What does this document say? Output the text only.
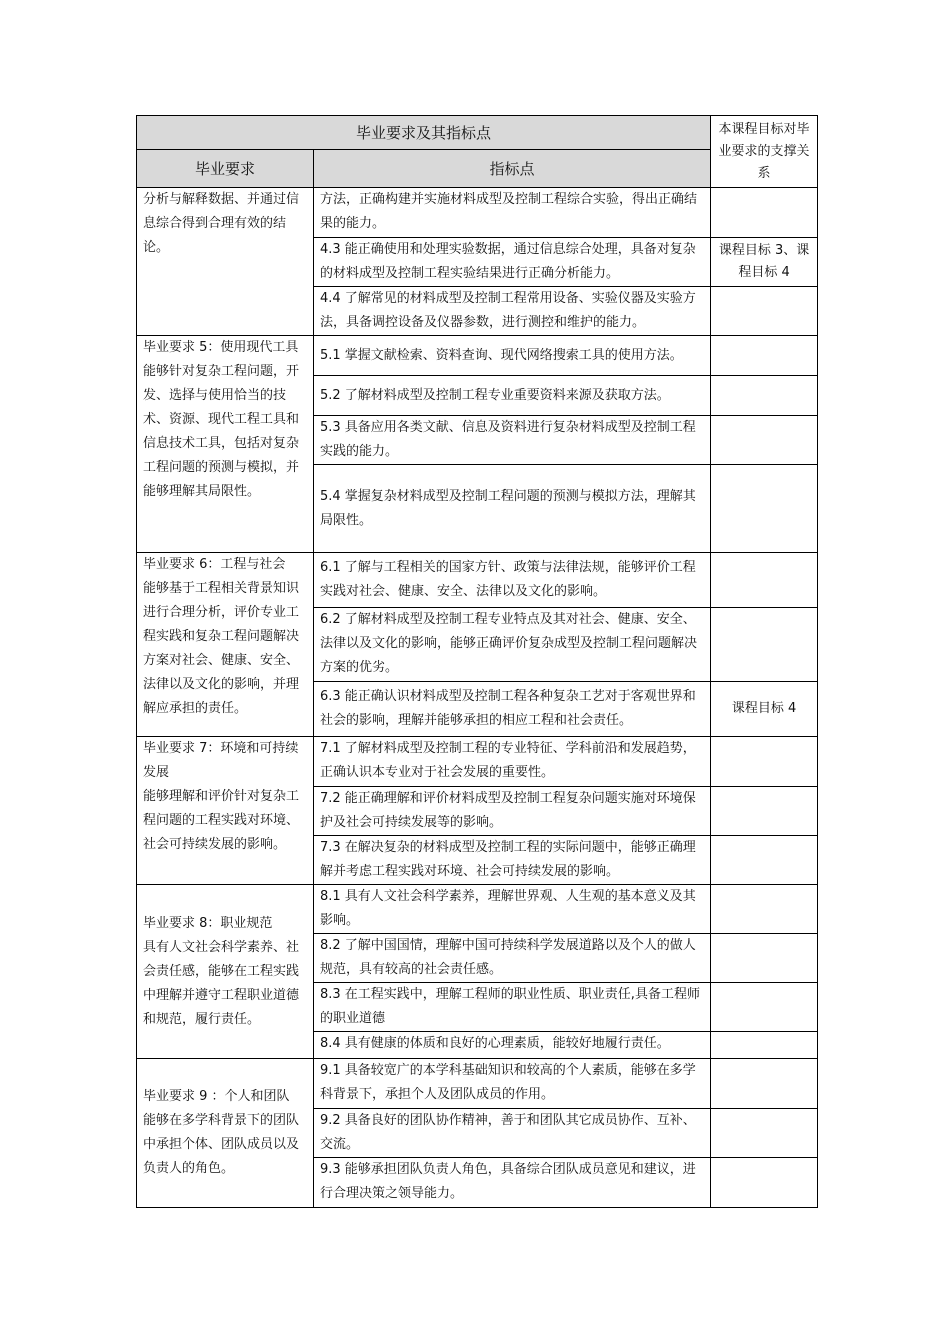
毕业要求及其指标点		本课程目标对毕业要求的支撑关系
毕业要求	指标点	

分析与解释数据、并通过信息综合得到合理有效的结论。	方法，正确构建并实施材料成型及控制工程综合实验，得出正确结果的能力。	
	4.3 能正确使用和处理实验数据，通过信息综合处理，具备对复杂的材料成型及控制工程实验结果进行正确分析能力。	课程目标 3、课程目标 4
	4.4 了解常见的材料成型及控制工程常用设备、实验仪器及实验方法，具备调控设备及仪器参数，进行测控和维护的能力。	

毕业要求 5：使用现代工具
能够针对复杂工程问题，开发、选择与使用恰当的技术、资源、现代工程工具和信息技术工具，包括对复杂工程问题的预测与模拟，并能够理解其局限性。	5.1 掌握文献检索、资料查询、现代网络搜索工具的使用方法。	
	5.2 了解材料成型及控制工程专业重要资料来源及获取方法。	
	5.3 具备应用各类文献、信息及资料进行复杂材料成型及控制工程实践的能力。	
	5.4 掌握复杂材料成型及控制工程问题的预测与模拟方法，理解其局限性。	

毕业要求 6：工程与社会
能够基于工程相关背景知识进行合理分析，评价专业工程实践和复杂工程问题解决方案对社会、健康、安全、法律以及文化的影响，并理解应承担的责任。	6.1 了解与工程相关的国家方针、政策与法律法规，能够评价工程实践对社会、健康、安全、法律以及文化的影响。	
	6.2 了解材料成型及控制工程专业特点及其对社会、健康、安全、法律以及文化的影响，能够正确评价复杂成型及控制工程问题解决方案的优劣。	
	6.3 能正确认识材料成型及控制工程各种复杂工艺对于客观世界和社会的影响，理解并能够承担的相应工程和社会责任。	课程目标 4

毕业要求 7：环境和可持续发展
能够理解和评价针对复杂工程问题的工程实践对环境、社会可持续发展的影响。	7.1 了解材料成型及控制工程的专业特征、学科前沿和发展趋势，正确认识本专业对于社会发展的重要性。	
	7.2 能正确理解和评价材料成型及控制工程复杂问题实施对环境保护及社会可持续发展等的影响。	
	7.3 在解决复杂的材料成型及控制工程的实际问题中，能够正确理解并考虑工程实践对环境、社会可持续发展的影响。	

毕业要求 8：职业规范
具有人文社会科学素养、社会责任感，能够在工程实践中理解并遵守工程职业道德和规范，履行责任。	8.1 具有人文社会科学素养，理解世界观、人生观的基本意义及其影响。	
	8.2 了解中国国情，理解中国可持续科学发展道路以及个人的做人规范，具有较高的社会责任感。	
	8.3 在工程实践中，理解工程师的职业性质、职业责任,具备工程师的职业道德	
	8.4 具有健康的体质和良好的心理素质，能较好地履行责任。	

毕业要求 9 ：个人和团队
能够在多学科背景下的团队中承担个体、团队成员以及负责人的角色。	9.1 具备较宽广的本学科基础知识和较高的个人素质，能够在多学科背景下，承担个人及团队成员的作用。	
	9.2 具备良好的团队协作精神，善于和团队其它成员协作、互补、交流。	
	9.3 能够承担团队负责人角色，具备综合团队成员意见和建议，进行合理决策之领导能力。	
